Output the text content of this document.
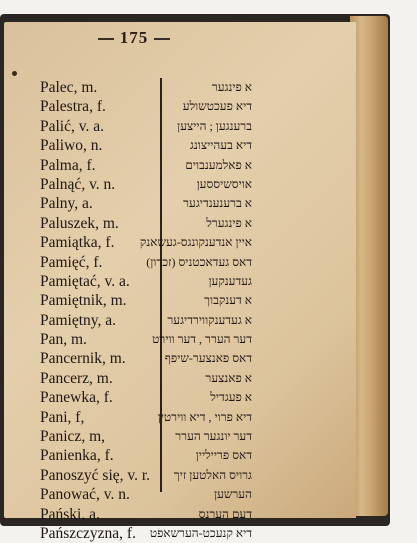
175
Palec, m.	א פינגער
Palestra, f.	דיא פעכטשולע
Palić, v. a.	ברענגען ; הייצען
Paliwo, n.	דיא בעהייצונג
Palma, f.	א פאלמענבוים
Palnąć, v. n.	אויסשיססען
Palny, a.	א ברענענדיגער
Paluszek, m.	א פינגערל
Pamiątka, f.	איין אנדענקונגס-געשאנק
Pamięć, f.	דאס געדאכטניס (זכרון)
Pamiętać, v. a.	געדענקען
Pamiętnik, m.	א דענקבוך
Pamiętny, a.	א געדענקווירדיגער
Pan, m.	דער הערר , דער ווירט
Pancernik, m.	דאס פאנצער-שיפף
Pancerz, m.	א פאנצער
Panewka, f.	א פעגדיל
Pani, f,	דיא פרוי , דיא ווירטין
Panicz, m,	דער יונגער הערר
Panienka, f.	דאס פרייליין
Panoszyć się, v. r.	גרויס האלטען זיך
Panować, v. n.	הערשען
Pański, a.	דעם הערנס
Pańszczyzna, f.	דיא קנעכט-הערשאפט
